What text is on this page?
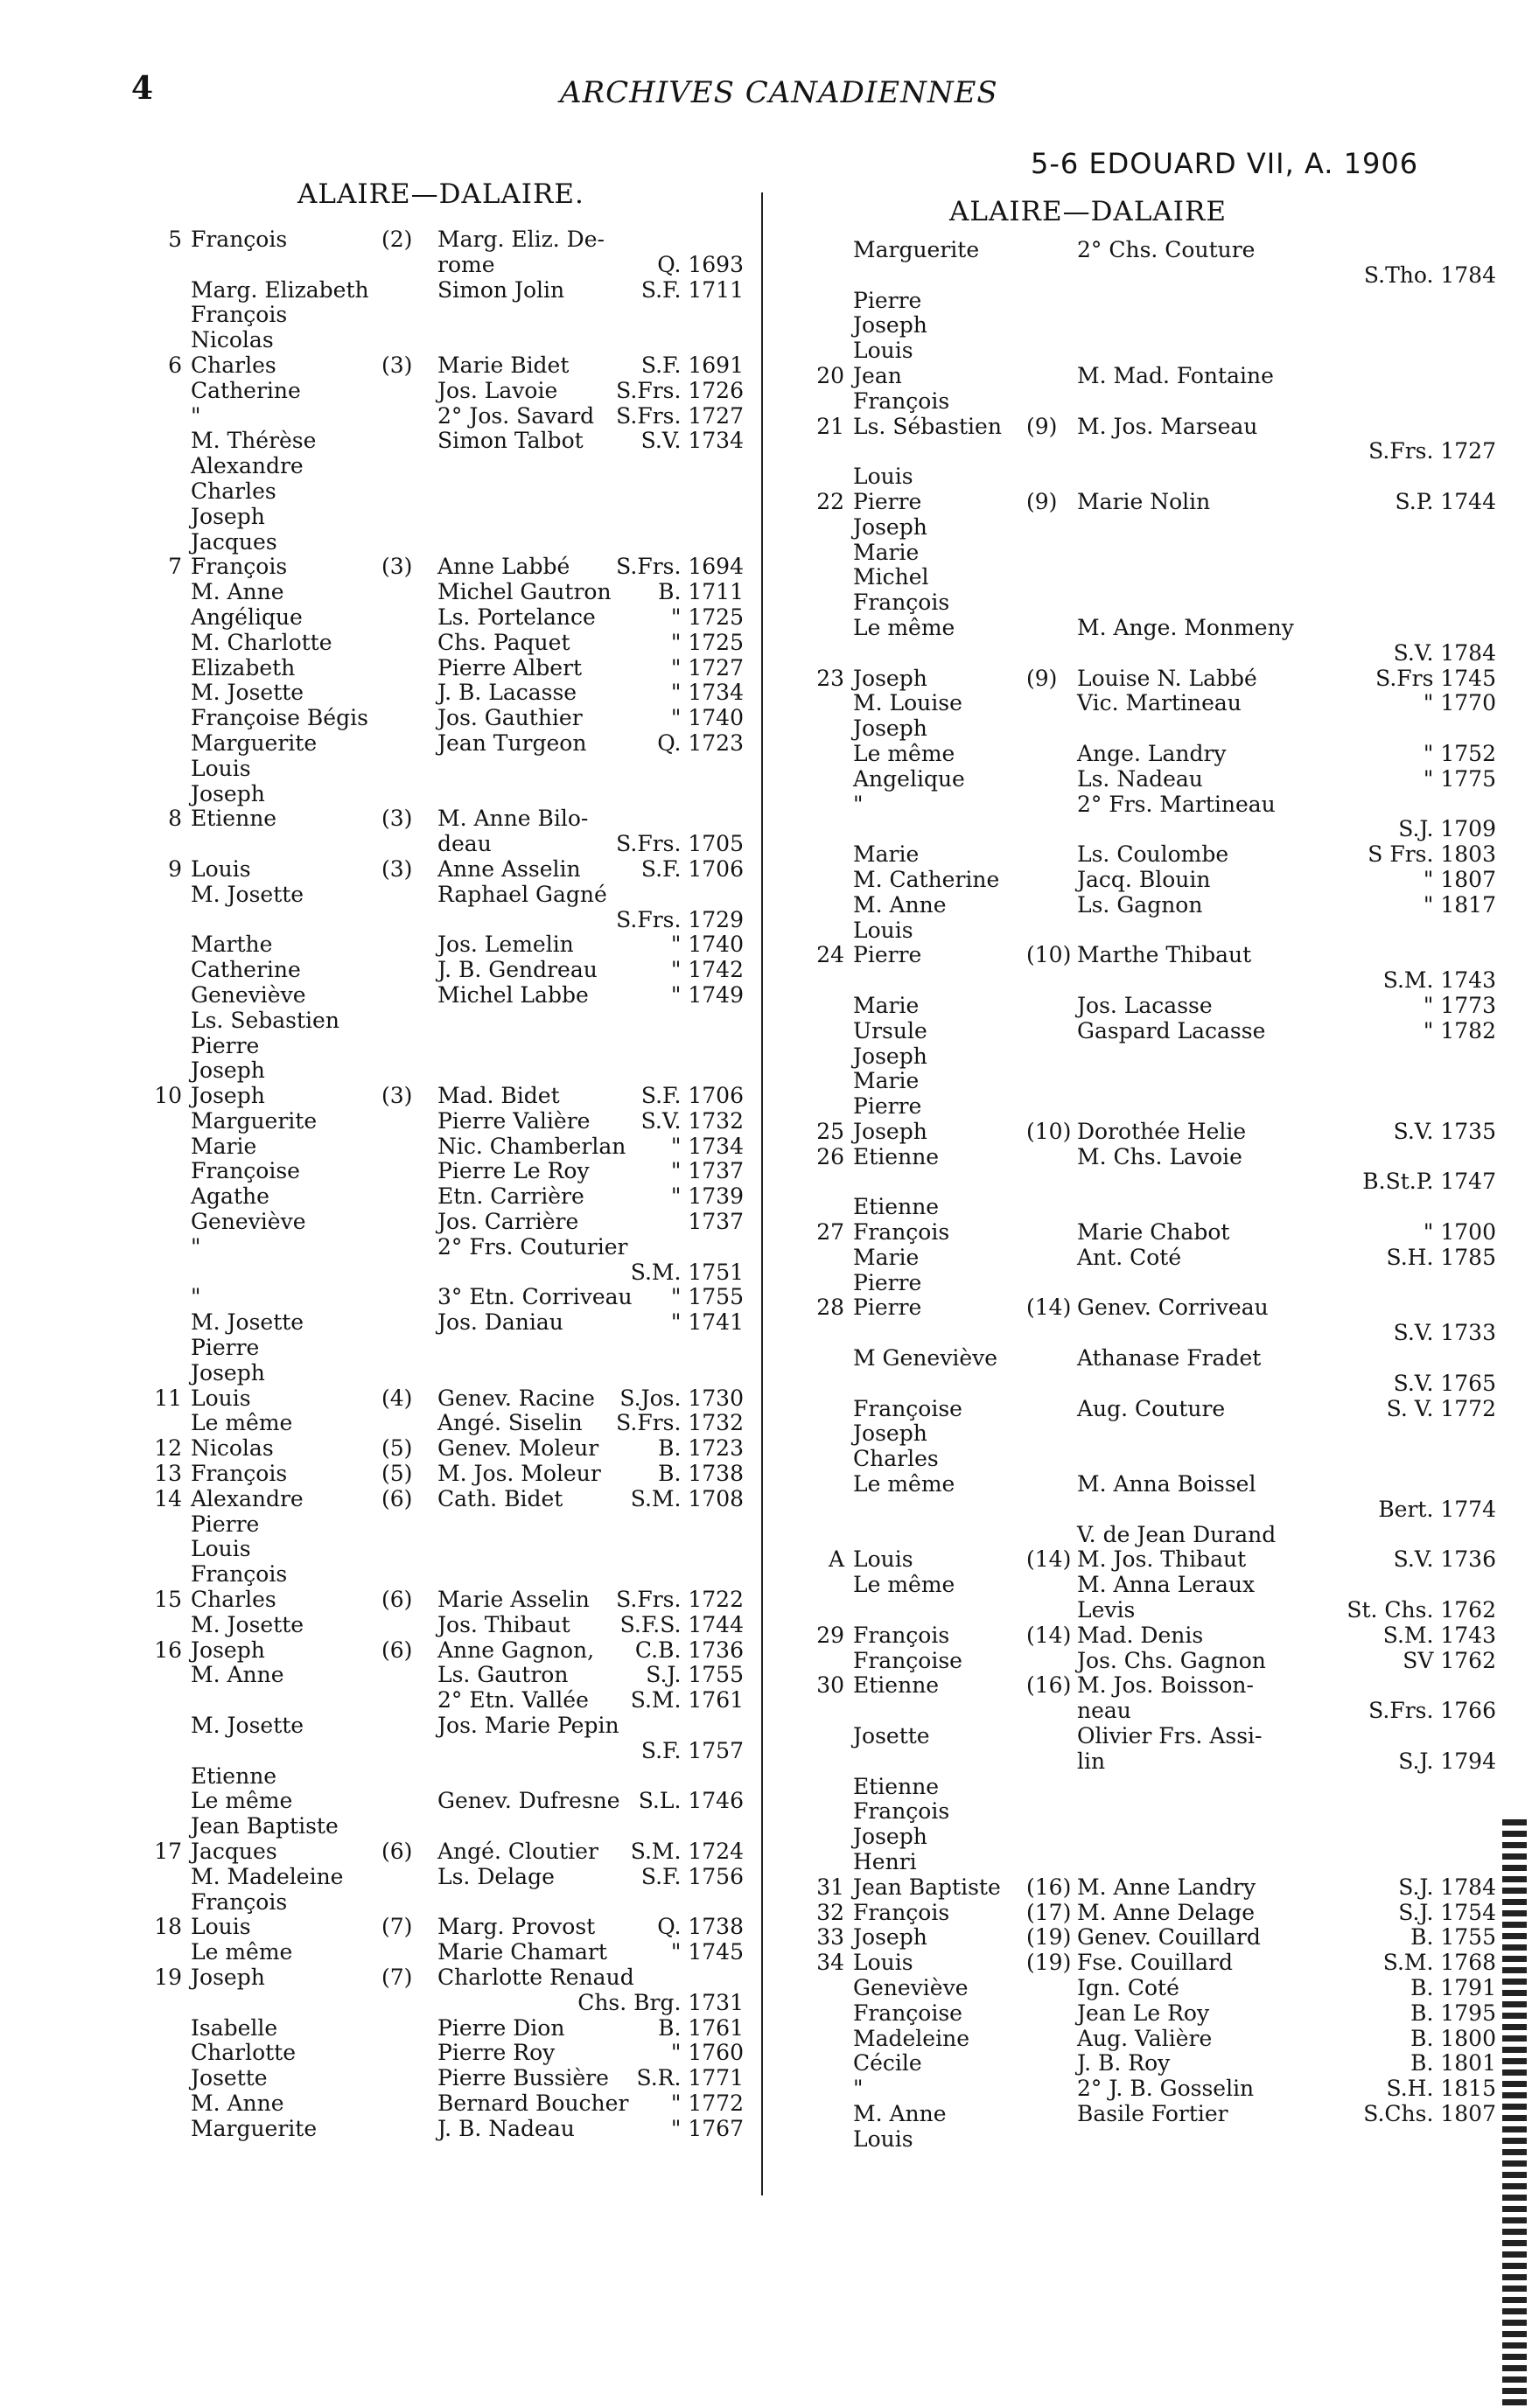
4	ARCHIVES CANADIENNES
5-6 EDOUARD VII, A. 1906
ALAIRE—DALAIRE.
ALAIRE—DALAIRE
5 François	(2) Marg. Eliz. De-
rome	Q. 1693
Marg. Elizabeth	Simon Jolin	S.F. 1711
François
Nicolas
6 Charles	(3) Marie Bidet	S.F. 1691
Catherine	Jos. Lavoie	S.Frs. 1726
"	2° Jos. Savard S.Frs. 1727
M. Thérèse	Simon Talbot	S.V. 1734
Alexandre
Charles
Joseph
Jacques
7 François	(3) Anne Labbé S.Frs. 1694
M. Anne	Michel Gautron B. 1711
Angélique	Ls. Portelance	" 1725
M. Charlotte	Chs. Paquet	" 1725
Elizabeth	Pierre Albert	" 1727
M. Josette	J. B. Lacasse	" 1734
Françoise Bégis	Jos. Gauthier	" 1740
Marguerite	Jean Turgeon	Q. 1723
Louis
Joseph
8 Etienne	(3) M. Anne Bilo-
deau	S.Frs. 1705
9 Louis	(3) Anne Asselin	S.F. 1706
M. Josette	Raphael Gagné
S.Frs. 1729
Marthe	Jos. Lemelin	" 1740
Catherine	J. B. Gendreau	" 1742
Geneviève	Michel Labbe	" 1749
Ls. Sebastien
Pierre
Joseph
10 Joseph	(3) Mad. Bidet	S.F. 1706
Marguerite	Pierre Valière S.V. 1732
Marie	Nic. Chamberlan " 1734
Françoise	Pierre Le Roy	" 1737
Agathe	Etn. Carrière	" 1739
Geneviève	Jos. Carrière	1737
"	2° Frs. Couturier
S.M. 1751
"	3° Etn. Corriveau " 1755
M. Josette	Jos. Daniau	" 1741
Pierre
Joseph
11 Louis	(4) Genev. Racine S.Jos. 1730
Le même	Angé. Siselin S.Frs. 1732
12 Nicolas	(5) Genev. Moleur	B. 1723
13 François	(5) M. Jos. Moleur	B. 1738
14 Alexandre	(6) Cath. Bidet	S.M. 1708
Pierre
Louis
François
15 Charles	(6) Marie Asselin S.Frs. 1722
M. Josette	Jos. Thibaut S.F.S. 1744
16 Joseph	(6) Anne Gagnon, C.B. 1736
M. Anne	Ls. Gautron	S.J. 1755
2° Etn. Vallée S.M. 1761
M. Josette	Jos. Marie Pepin
S.F. 1757
Etienne
Le même	Genev. Dufresne S.L. 1746
Jean Baptiste
17 Jacques	(6) Angé. Cloutier S.M. 1724
M. Madeleine	Ls. Delage	S.F. 1756
François
18 Louis	(7) Marg. Provost	Q. 1738
Le même	Marie Chamart	" 1745
19 Joseph	(7) Charlotte Renaud
Chs. Brg. 1731
Isabelle	Pierre Dion	B. 1761
Charlotte	Pierre Roy	" 1760
Josette	Pierre Bussière S.R. 1771
M. Anne	Bernard Boucher " 1772
Marguerite	J. B. Nadeau	" 1767
Marguerite	2° Chs. Couture
S.Tho. 1784
Pierre
Joseph
Louis
20 Jean	M. Mad. Fontaine
François
21 Ls. Sébastien (9) M. Jos. Marseau
S.Frs. 1727
Louis
22 Pierre	(9) Marie Nolin	S.P. 1744
Joseph
Marie
Michel
François
Le même	M. Ange. Monmeny
S.V. 1784
23 Joseph	(9) Louise N. Labbé	S.Frs 1745
M. Louise	Vic. Martineau	" 1770
Joseph
Le même	Ange. Landry	" 1752
Angelique	Ls. Nadeau	" 1775
"	2° Frs. Martineau
S.J. 1709
Marie	Ls. Coulombe	S Frs. 1803
M. Catherine	Jacq. Blouin	" 1807
M. Anne	Ls. Gagnon	" 1817
Louis
24 Pierre	(10) Marthe Thibaut
S.M. 1743
Marie	Jos. Lacasse	" 1773
Ursule	Gaspard Lacasse	" 1782
Joseph
Marie
Pierre
25 Joseph	(10) Dorothée Helie	S.V. 1735
26 Etienne	M. Chs. Lavoie
B.St.P. 1747
Etienne
27 François	Marie Chabot	" 1700
Marie	Ant. Coté	S.H. 1785
Pierre
28 Pierre	(14) Genev. Corriveau
S.V. 1733
M Geneviève	Athanase Fradet
S.V. 1765
Françoise	Aug. Couture	S. V. 1772
Joseph
Charles
Le même	M. Anna Boissel
Bert. 1774
V. de Jean Durand
A Louis	(14) M. Jos. Thibaut	S.V. 1736
Le même	M. Anna Leraux
Levis	St. Chs. 1762
29 François	(14) Mad. Denis	S.M. 1743
Françoise	Jos. Chs. Gagnon	SV 1762
30 Etienne	(16) M. Jos. Boisson-
neau	S.Frs. 1766
Josette	Olivier Frs. Assi-
lin	S.J. 1794
Etienne
François
Joseph
Henri
31 Jean Baptiste (16) M. Anne Landry	S.J. 1784
32 François	(17) M. Anne Delage	S.J. 1754
33 Joseph	(19) Genev. Couillard	B. 1755
34 Louis	(19) Fse. Couillard	S.M. 1768
Geneviève	Ign. Coté	B. 1791
Françoise	Jean Le Roy	B. 1795
Madeleine	Aug. Valière	B. 1800
Cécile	J. B. Roy	B. 1801
"	2° J. B. Gosselin	S.H. 1815
M. Anne	Basile Fortier	S.Chs. 1807
Louis
